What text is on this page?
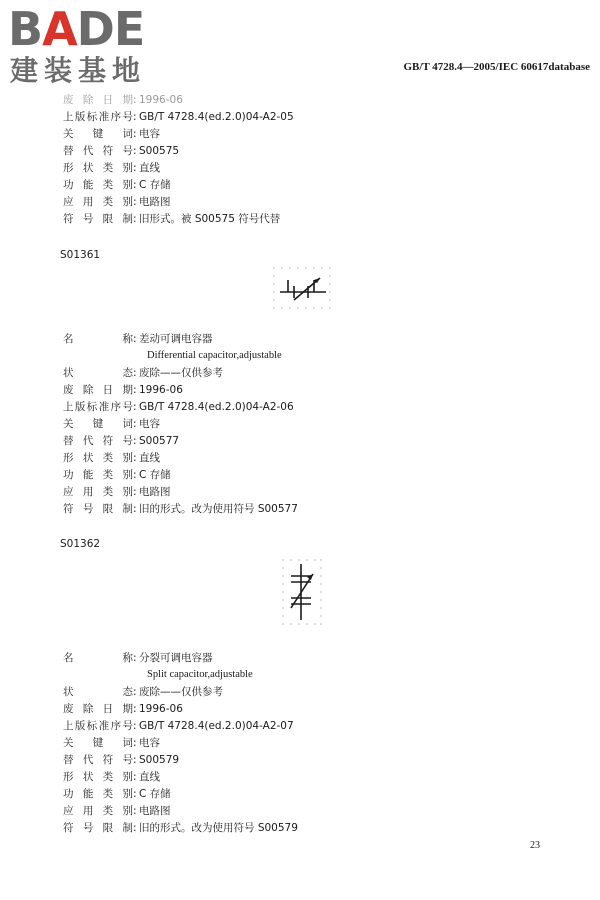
BADE
建装基地	GB/T 4728.4—2005/IEC 60617database
废除日期: 1996-06
上版标准序号: GB/T 4728.4(ed.2.0)04-A2-05
关键词: 电容
替代符号: S00575
形状类别: 直线
功能类别: C 存储
应用类别: 电路图
符号限制: 旧形式。被 S00575 符号代替
S01361
名称: 差动可调电容器
Differential capacitor,adjustable
状态: 废除——仅供参考
废除日期: 1996-06
上版标准序号: GB/T 4728.4(ed.2.0)04-A2-06
关键词: 电容
替代符号: S00577
形状类别: 直线
功能类别: C 存储
应用类别: 电路图
符号限制: 旧的形式。改为使用符号 S00577
S01362
名称: 分裂可调电容器
Split capacitor,adjustable
状态: 废除——仅供参考
废除日期: 1996-06
上版标准序号: GB/T 4728.4(ed.2.0)04-A2-07
关键词: 电容
替代符号: S00579
形状类别: 直线
功能类别: C 存储
应用类别: 电路图
符号限制: 旧的形式。改为使用符号 S00579
23
